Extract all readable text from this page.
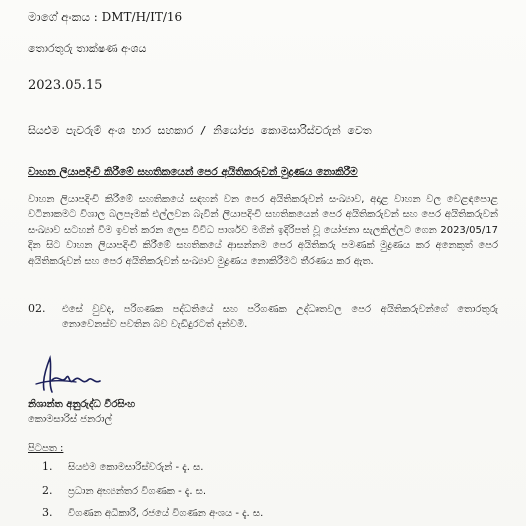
මාගේ අංකය : DMT/H/IT/16
තොරතුරු තාක්ෂණ අංශය
2023.05.15
සියළුම පැවරුම් අංශ භාර සහකාර / නියෝජ්‍ය කොමසාරිස්වරුන් වෙත
වාහන ලියාපදිංචි කිරීමේ සහතිකයෙන් පෙර අයිතිකරුවන් මුද්‍රණය නොකිරීම
වාහන ලියාපදිංචි කිරීමේ සහතිකයේ සඳහන් වන පෙර අයිතිකරුවන් සංඛ්‍යාව, අදාළ වාහන වල වෙළඳපොළ වටිනාකමට විශාල බලපෑමක් එල්ලවන බැවින් ලියාපදිංචි සහතිකයෙන් පෙර අයිතිකරුවන් සහ පෙර අයිතිකරුවන් සංඛ්‍යාව සටහන් වීම ඉවත් කරන ලෙස විවිධ පාර්ශව මගින් ඉදිරිපත් වූ යෝජනා සැලකිල්ලට ගෙන 2023/05/17 දින සිට වාහන ලියාපදිංචි කිරීමේ සහතිකයේ ආසන්නම පෙර අයිතිකරු පමණක් මුද්‍රණය කර අනෙකුත් පෙර අයිතිකරුවන් සහ පෙර අයිතිකරුවන් සංඛ්‍යාව මුද්‍රණය නොකිරීමට තීරණය කර ඇත.
02. එසේ වුවද, පරිගණක පද්ධතියේ සහ පරිගණක උද්ධෘතවල පෙර අයිතිකරුවන්ගේ තොරතුරු නොවෙනස්ව පවතින බව වැඩිදුරටත් දන්වමි.
නිශාන්ත අනුරුද්ධ වීරසිංහ
කොමසාරිස් ජනරාල්
පිටපත :
1. සියළුම කොමසාරිස්වරුන් - දැ. ස.
2. ප්‍රධාන අභ්‍යන්තර විගණක - දැ. ස.
3. විගණන අධිකාරී, රජයේ විගණන අංශය - දැ. ස.
